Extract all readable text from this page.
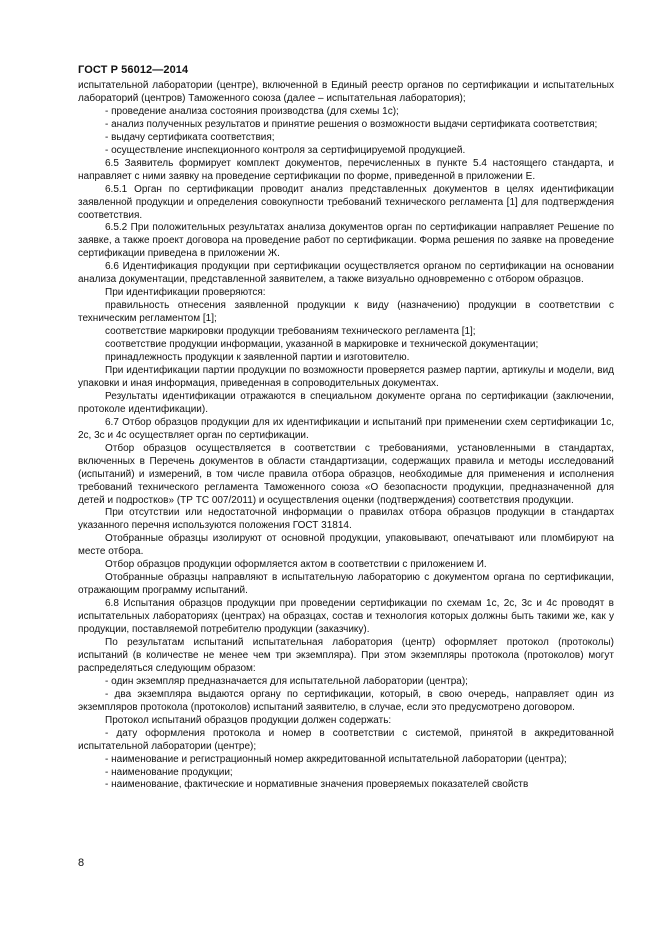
ГОСТ Р 56012—2014

испытательной лаборатории (центре), включенной в Единый реестр органов по сертификации и испытательных лабораторий (центров) Таможенного союза (далее – испытательная лаборатория);

- проведение анализа состояния производства (для схемы 1с);

- анализ полученных результатов и принятие решения о возможности выдачи сертификата соответствия;

- выдачу сертификата соответствия;

- осуществление инспекционного контроля за сертифицируемой продукцией.

6.5 Заявитель формирует комплект документов, перечисленных в пункте 5.4 настоящего стандарта, и направляет с ними заявку на проведение сертификации по форме, приведенной в приложении Е.

6.5.1 Орган по сертификации проводит анализ представленных документов в целях идентификации заявленной продукции и определения совокупности требований технического регламента [1] для подтверждения соответствия.

6.5.2 При положительных результатах анализа документов орган по сертификации направляет Решение по заявке, а также проект договора на проведение работ по сертификации. Форма решения по заявке на проведение сертификации приведена в приложении Ж.

6.6 Идентификация продукции при сертификации осуществляется органом по сертификации на основании анализа документации, представленной заявителем, а также визуально одновременно с отбором образцов.

При идентификации проверяются:

правильность отнесения заявленной продукции к виду (назначению) продукции в соответствии с техническим регламентом [1];

соответствие маркировки продукции требованиям технического регламента [1];

соответствие продукции информации, указанной в маркировке и технической документации;

принадлежность продукции к заявленной партии и изготовителю.

При идентификации партии продукции по возможности проверяется размер партии, артикулы и модели, вид упаковки и иная информация, приведенная в сопроводительных документах.

Результаты идентификации отражаются в специальном документе органа по сертификации (заключении, протоколе идентификации).

6.7 Отбор образцов продукции для их идентификации и испытаний при применении схем сертификации 1с, 2с, 3с и 4с осуществляет орган по сертификации.

Отбор образцов осуществляется в соответствии с требованиями, установленными в стандартах, включенных в Перечень документов в области стандартизации, содержащих правила и методы исследований (испытаний) и измерений, в том числе правила отбора образцов, необходимые для применения и исполнения требований технического регламента Таможенного союза «О безопасности продукции, предназначенной для детей и подростков» (ТР ТС 007/2011) и осуществления оценки (подтверждения) соответствия продукции.

При отсутствии или недостаточной информации о правилах отбора образцов продукции в стандартах указанного перечня используются положения ГОСТ 31814.

Отобранные образцы изолируют от основной продукции, упаковывают, опечатывают или пломбируют на месте отбора.

Отбор образцов продукции оформляется актом в соответствии с приложением И.

Отобранные образцы направляют в испытательную лабораторию с документом органа по сертификации, отражающим программу испытаний.

6.8 Испытания образцов продукции при проведении сертификации по схемам 1с, 2с, 3с и 4с проводят в испытательных лабораториях (центрах) на образцах, состав и технология которых должны быть такими же, как у продукции, поставляемой потребителю продукции (заказчику).

По результатам испытаний испытательная лаборатория (центр) оформляет протокол (протоколы) испытаний (в количестве не менее чем три экземпляра). При этом экземпляры протокола (протоколов) могут распределяться следующим образом:

- один экземпляр предназначается для испытательной лаборатории (центра);

- два экземпляра выдаются органу по сертификации, который, в свою очередь, направляет один из экземпляров протокола (протоколов) испытаний заявителю, в случае, если это предусмотрено договором.

Протокол испытаний образцов продукции должен содержать:

- дату оформления протокола и номер в соответствии с системой, принятой в аккредитованной испытательной лаборатории (центре);

- наименование и регистрационный номер аккредитованной испытательной лаборатории (центра);

- наименование продукции;

- наименование, фактические и нормативные значения проверяемых показателей свойств

8
